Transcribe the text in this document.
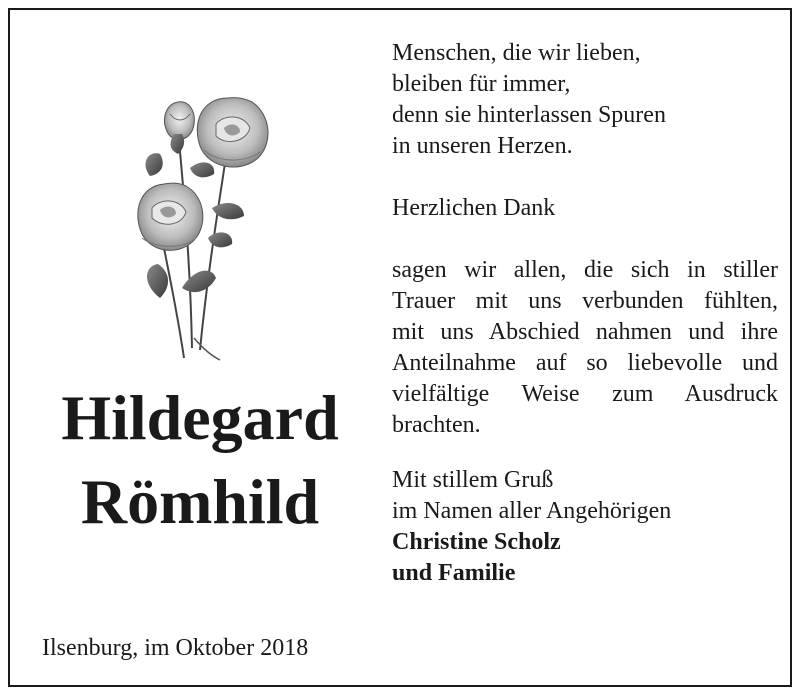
Hildegard
Römhild
Ilsenburg, im Oktober 2018
Menschen, die wir lieben,
bleiben für immer,
denn sie hinterlassen Spuren
in unseren Herzen.
Herzlichen Dank
sagen wir allen, die sich in stiller
Trauer mit uns verbunden fühlten,
mit uns Abschied nahmen und ihre
Anteilnahme auf so liebevolle und
vielfältige Weise zum Ausdruck
brachten.
Mit stillem Gruß
im Namen aller Angehörigen
Christine Scholz
und Familie
